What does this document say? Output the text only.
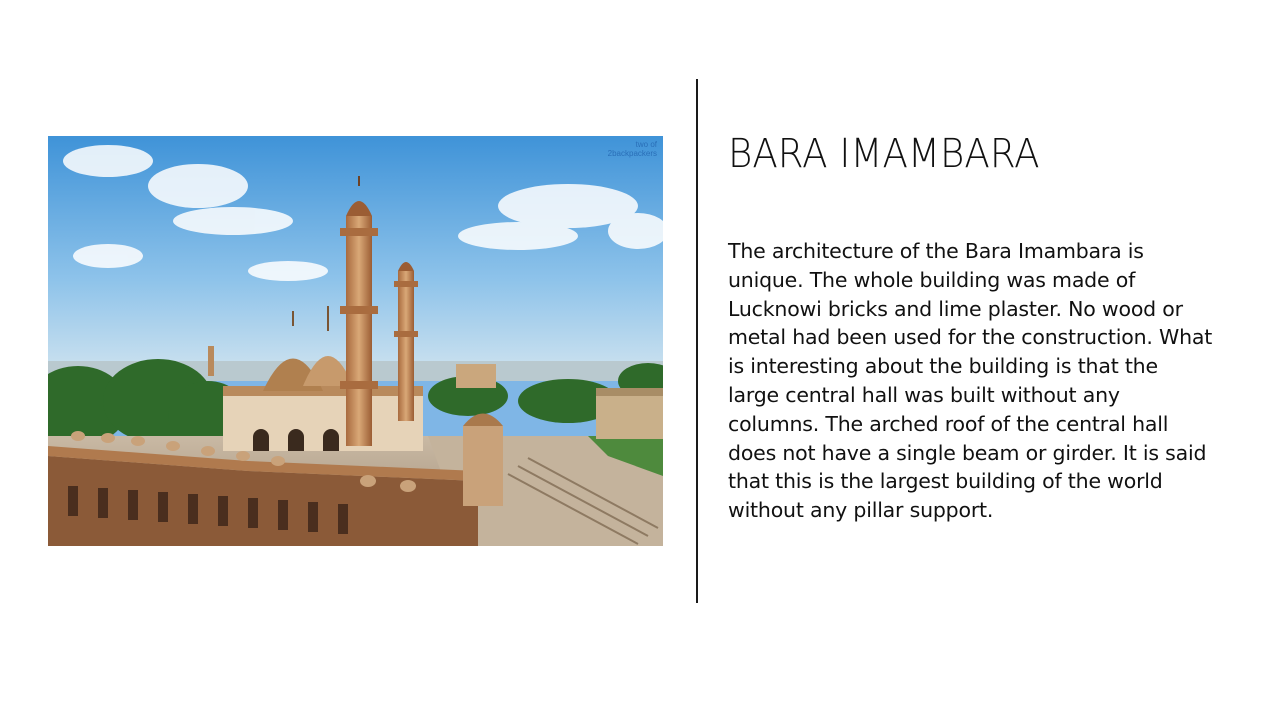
two of
2backpackers BARA IMAMBARA

The architecture of the Bara Imambara is unique. The whole building was made of Lucknowi bricks and lime plaster. No wood or metal had been used for the construction. What is interesting about the building is that the large central hall was built without any columns. The arched roof of the central hall does not have a single beam or girder. It is said that this is the largest building of the world without any pillar support.
